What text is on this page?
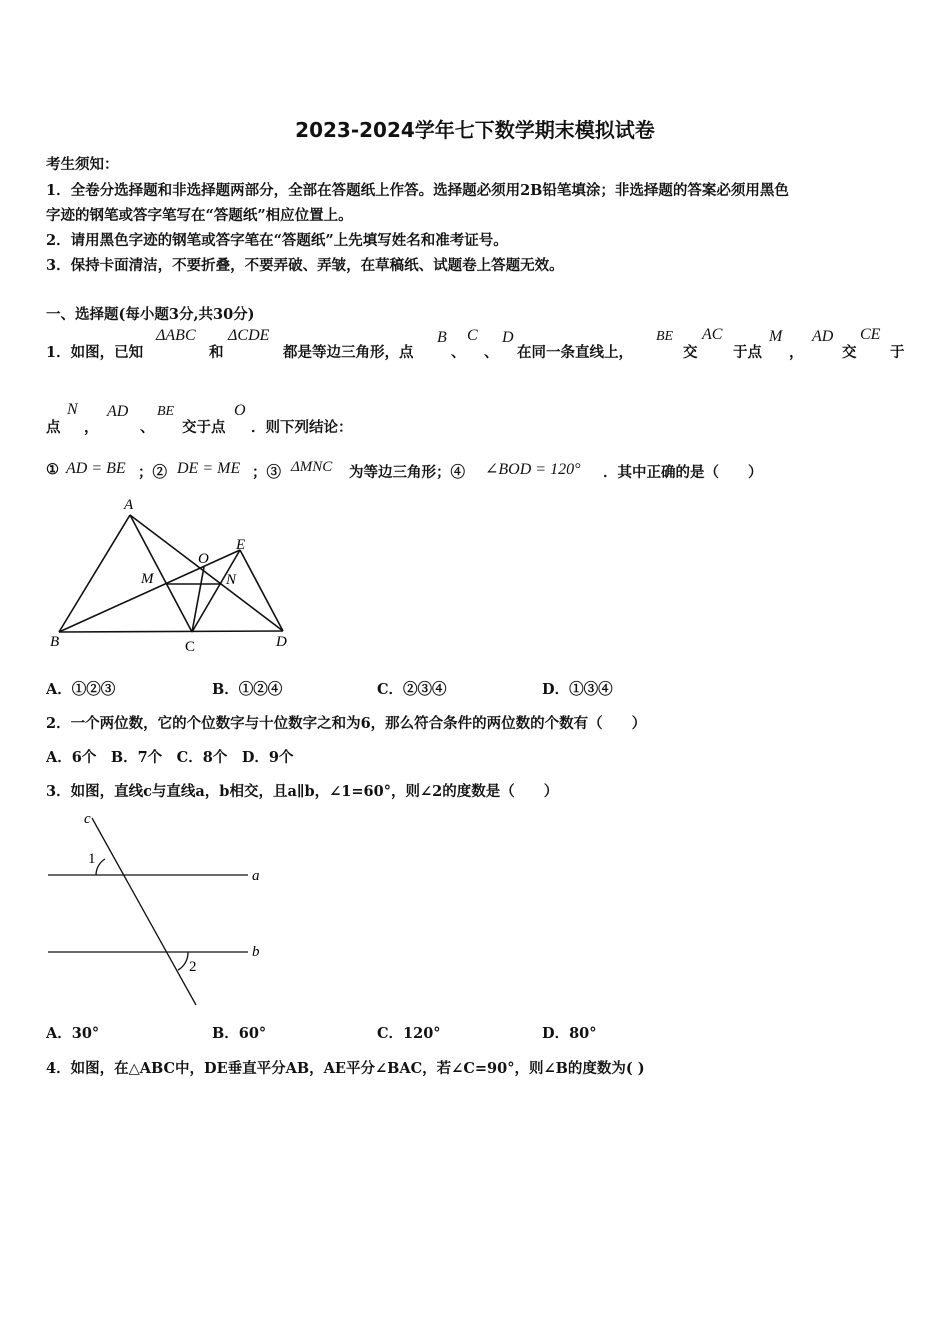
2023-2024学年七下数学期末模拟试卷
考生须知：
1．全卷分选择题和非选择题两部分，全部在答题纸上作答。选择题必须用2B铅笔填涂；非选择题的答案必须用黑色
字迹的钢笔或答字笔写在“答题纸”相应位置上。
2．请用黑色字迹的钢笔或答字笔在“答题纸”上先填写姓名和准考证号。
3．保持卡面清洁，不要折叠，不要弄破、弄皱，在草稿纸、试题卷上答题无效。
一、选择题(每小题3分,共30分)
1．如图，已知
ΔABC
和
ΔCDE
都是等边三角形，点
B
、
C
、
D
在同一条直线上，
BE
交
AC
于点
M
，
AD
交
CE
于
点
N
，
AD
、
BE
交于点
O
．则下列结论：
① AD = BE ；② DE = ME ；③ ΔMNC 为等边三角形；④ ∠BOD = 120° ．其中正确的是（　　）
A
B	C	D
E
M	N
O
A．①②③	B．①②④	C．②③④	D．①③④
2．一个两位数，它的个位数字与十位数字之和为6，那么符合条件的两位数的个数有（　　）
A．6个　B．7个　C．8个　D．9个
3．如图，直线c与直线a，b相交，且a∥b，∠1=60°，则∠2的度数是（　　）
c
a
b
1
2
A．30°	B．60°	C．120°	D．80°
4．如图，在△ABC中，DE垂直平分AB，AE平分∠BAC，若∠C=90°，则∠B的度数为( )
